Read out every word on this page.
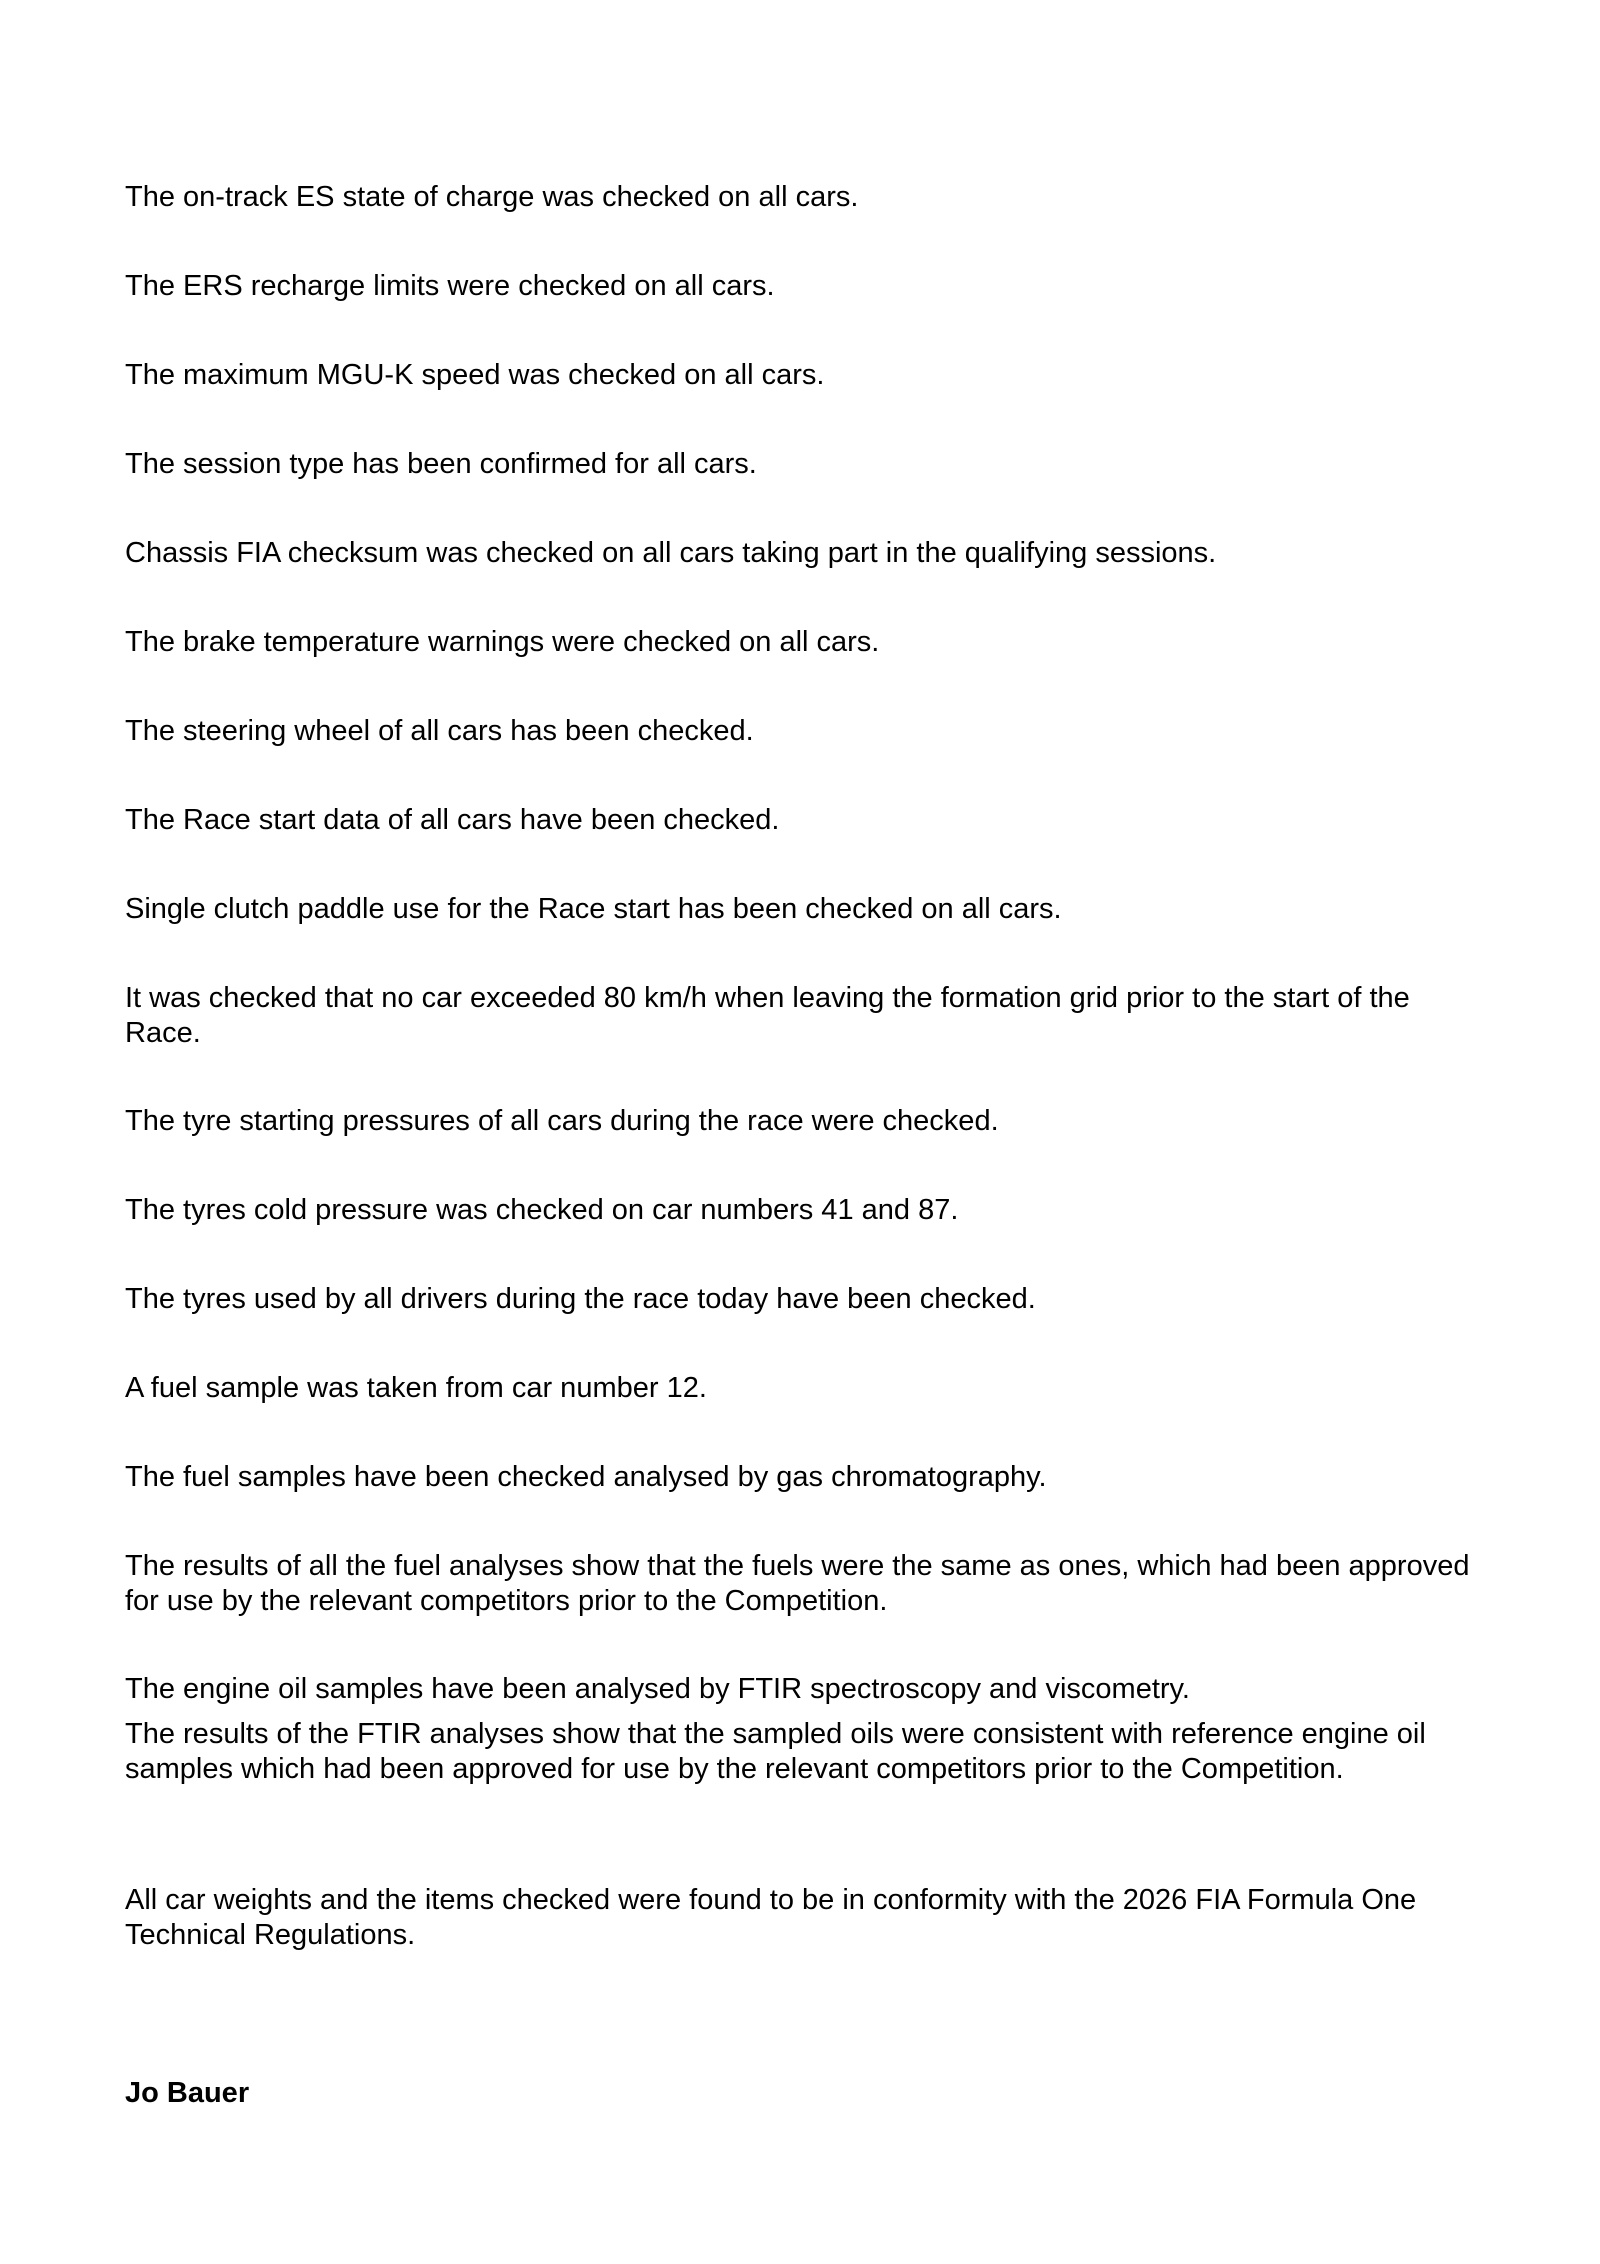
The on-track ES state of charge was checked on all cars.

The ERS recharge limits were checked on all cars.

The maximum MGU-K speed was checked on all cars.

The session type has been confirmed for all cars.

Chassis FIA checksum was checked on all cars taking part in the qualifying sessions.

The brake temperature warnings were checked on all cars.

The steering wheel of all cars has been checked.

The Race start data of all cars have been checked.

Single clutch paddle use for the Race start has been checked on all cars.

It was checked that no car exceeded 80 km/h when leaving the formation grid prior to the start of the Race.

The tyre starting pressures of all cars during the race were checked.

The tyres cold pressure was checked on car numbers 41 and 87.

The tyres used by all drivers during the race today have been checked.

A fuel sample was taken from car number 12.

The fuel samples have been checked analysed by gas chromatography.

The results of all the fuel analyses show that the fuels were the same as ones, which had been approved for use by the relevant competitors prior to the Competition.

The engine oil samples have been analysed by FTIR spectroscopy and viscometry.

The results of the FTIR analyses show that the sampled oils were consistent with reference engine oil samples which had been approved for use by the relevant competitors prior to the Competition.

All car weights and the items checked were found to be in conformity with the 2026 FIA Formula One Technical Regulations.

Jo Bauer
